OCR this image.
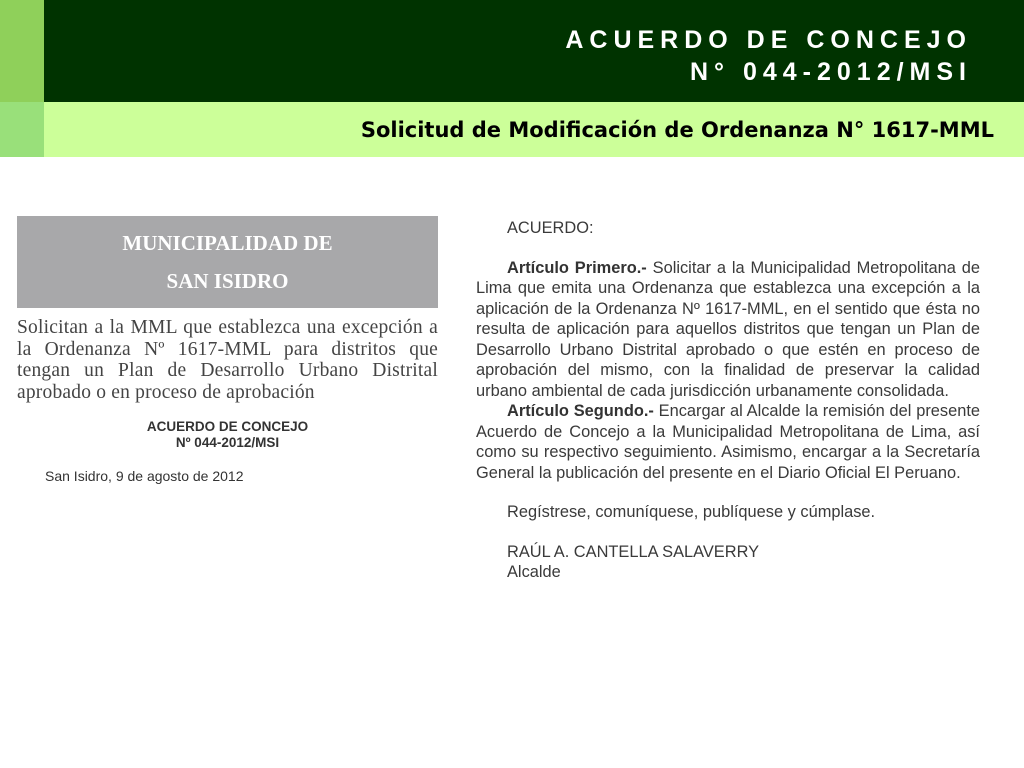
ACUERDO DE CONCEJO
N° 044-2012/MSI
Solicitud de Modificación de Ordenanza N° 1617-MML
MUNICIPALIDAD DE
SAN ISIDRO

Solicitan a la MML que establezca una excepción a la Ordenanza Nº 1617-MML para distritos que tengan un Plan de Desarrollo Urbano Distrital aprobado o en proceso de aprobación

ACUERDO DE CONCEJO
Nº 044-2012/MSI

San Isidro, 9 de agosto de 2012

ACUERDO:

Artículo Primero.- Solicitar a la Municipalidad Metropolitana de Lima que emita una Ordenanza que establezca una excepción a la aplicación de la Ordenanza Nº 1617-MML, en el sentido que ésta no resulta de aplicación para aquellos distritos que tengan un Plan de Desarrollo Urbano Distrital aprobado o que estén en proceso de aprobación del mismo, con la finalidad de preservar la calidad urbano ambiental de cada jurisdicción urbanamente consolidada.

Artículo Segundo.- Encargar al Alcalde la remisión del presente Acuerdo de Concejo a la Municipalidad Metropolitana de Lima, así como su respectivo seguimiento. Asimismo, encargar a la Secretaría General la publicación del presente en el Diario Oficial El Peruano.

Regístrese, comuníquese, publíquese y cúmplase.

RAÚL A. CANTELLA SALAVERRY
Alcalde
